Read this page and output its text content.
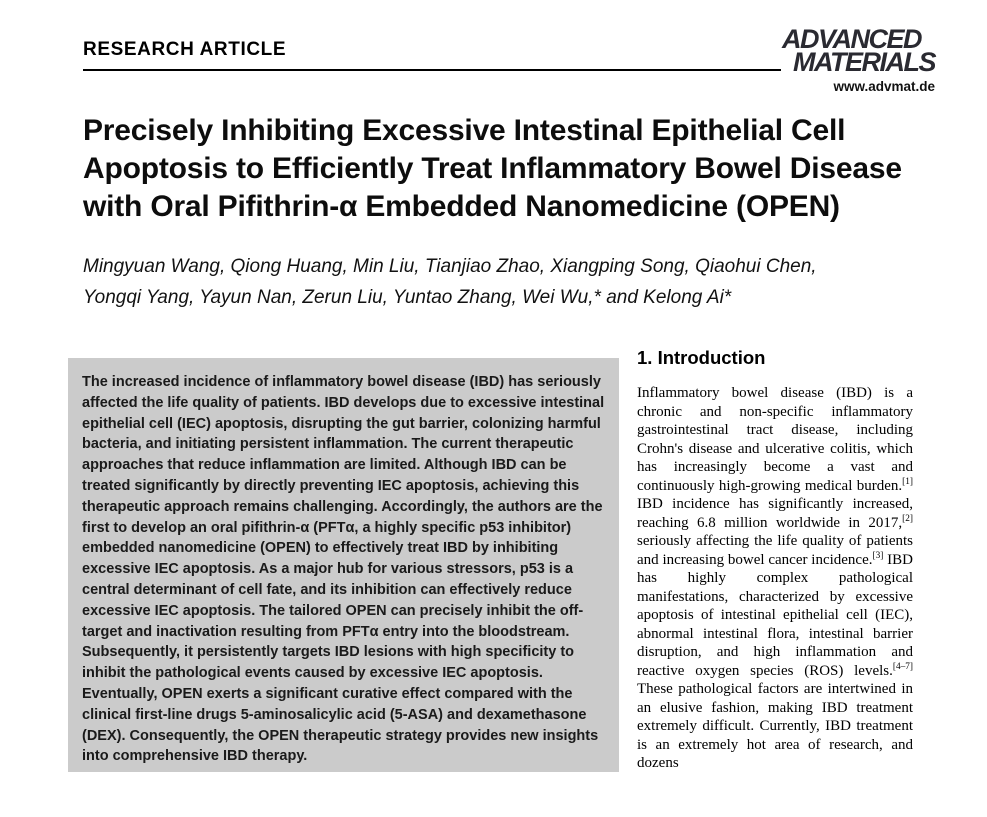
RESEARCH ARTICLE	ADVANCED
MATERIALS
www.advmat.de
Precisely Inhibiting Excessive Intestinal Epithelial Cell
Apoptosis to Efficiently Treat Inflammatory Bowel Disease
with Oral Pifithrin-α Embedded Nanomedicine (OPEN)
Mingyuan Wang, Qiong Huang, Min Liu, Tianjiao Zhao, Xiangping Song, Qiaohui Chen,
Yongqi Yang, Yayun Nan, Zerun Liu, Yuntao Zhang, Wei Wu,* and Kelong Ai*
The increased incidence of inflammatory bowel disease (IBD) has seriously affected the life quality of patients. IBD develops due to excessive intestinal epithelial cell (IEC) apoptosis, disrupting the gut barrier, colonizing harmful bacteria, and initiating persistent inflammation. The current therapeutic approaches that reduce inflammation are limited. Although IBD can be treated significantly by directly preventing IEC apoptosis, achieving this therapeutic approach remains challenging. Accordingly, the authors are the first to develop an oral pifithrin-α (PFTα, a highly specific p53 inhibitor) embedded nanomedicine (OPEN) to effectively treat IBD by inhibiting excessive IEC apoptosis. As a major hub for various stressors, p53 is a central determinant of cell fate, and its inhibition can effectively reduce excessive IEC apoptosis. The tailored OPEN can precisely inhibit the off-target and inactivation resulting from PFTα entry into the bloodstream. Subsequently, it persistently targets IBD lesions with high specificity to inhibit the pathological events caused by excessive IEC apoptosis. Eventually, OPEN exerts a significant curative effect compared with the clinical first-line drugs 5-aminosalicylic acid (5-ASA) and dexamethasone (DEX). Consequently, the OPEN therapeutic strategy provides new insights into comprehensive IBD therapy.
1. Introduction

Inflammatory bowel disease (IBD) is a chronic and non-specific inflammatory gastrointestinal tract disease, including Crohn's disease and ulcerative colitis, which has increasingly become a vast and continuously high-growing medical burden.[1] IBD incidence has significantly increased, reaching 6.8 million worldwide in 2017,[2] seriously affecting the life quality of patients and increasing bowel cancer incidence.[3] IBD has highly complex pathological manifestations, characterized by excessive apoptosis of intestinal epithelial cell (IEC), abnormal intestinal flora, intestinal barrier disruption, and high inflammation and reactive oxygen species (ROS) levels.[4–7] These pathological factors are intertwined in an elusive fashion, making IBD treatment extremely difficult. Currently, IBD treatment is an extremely hot area of research, and dozens
